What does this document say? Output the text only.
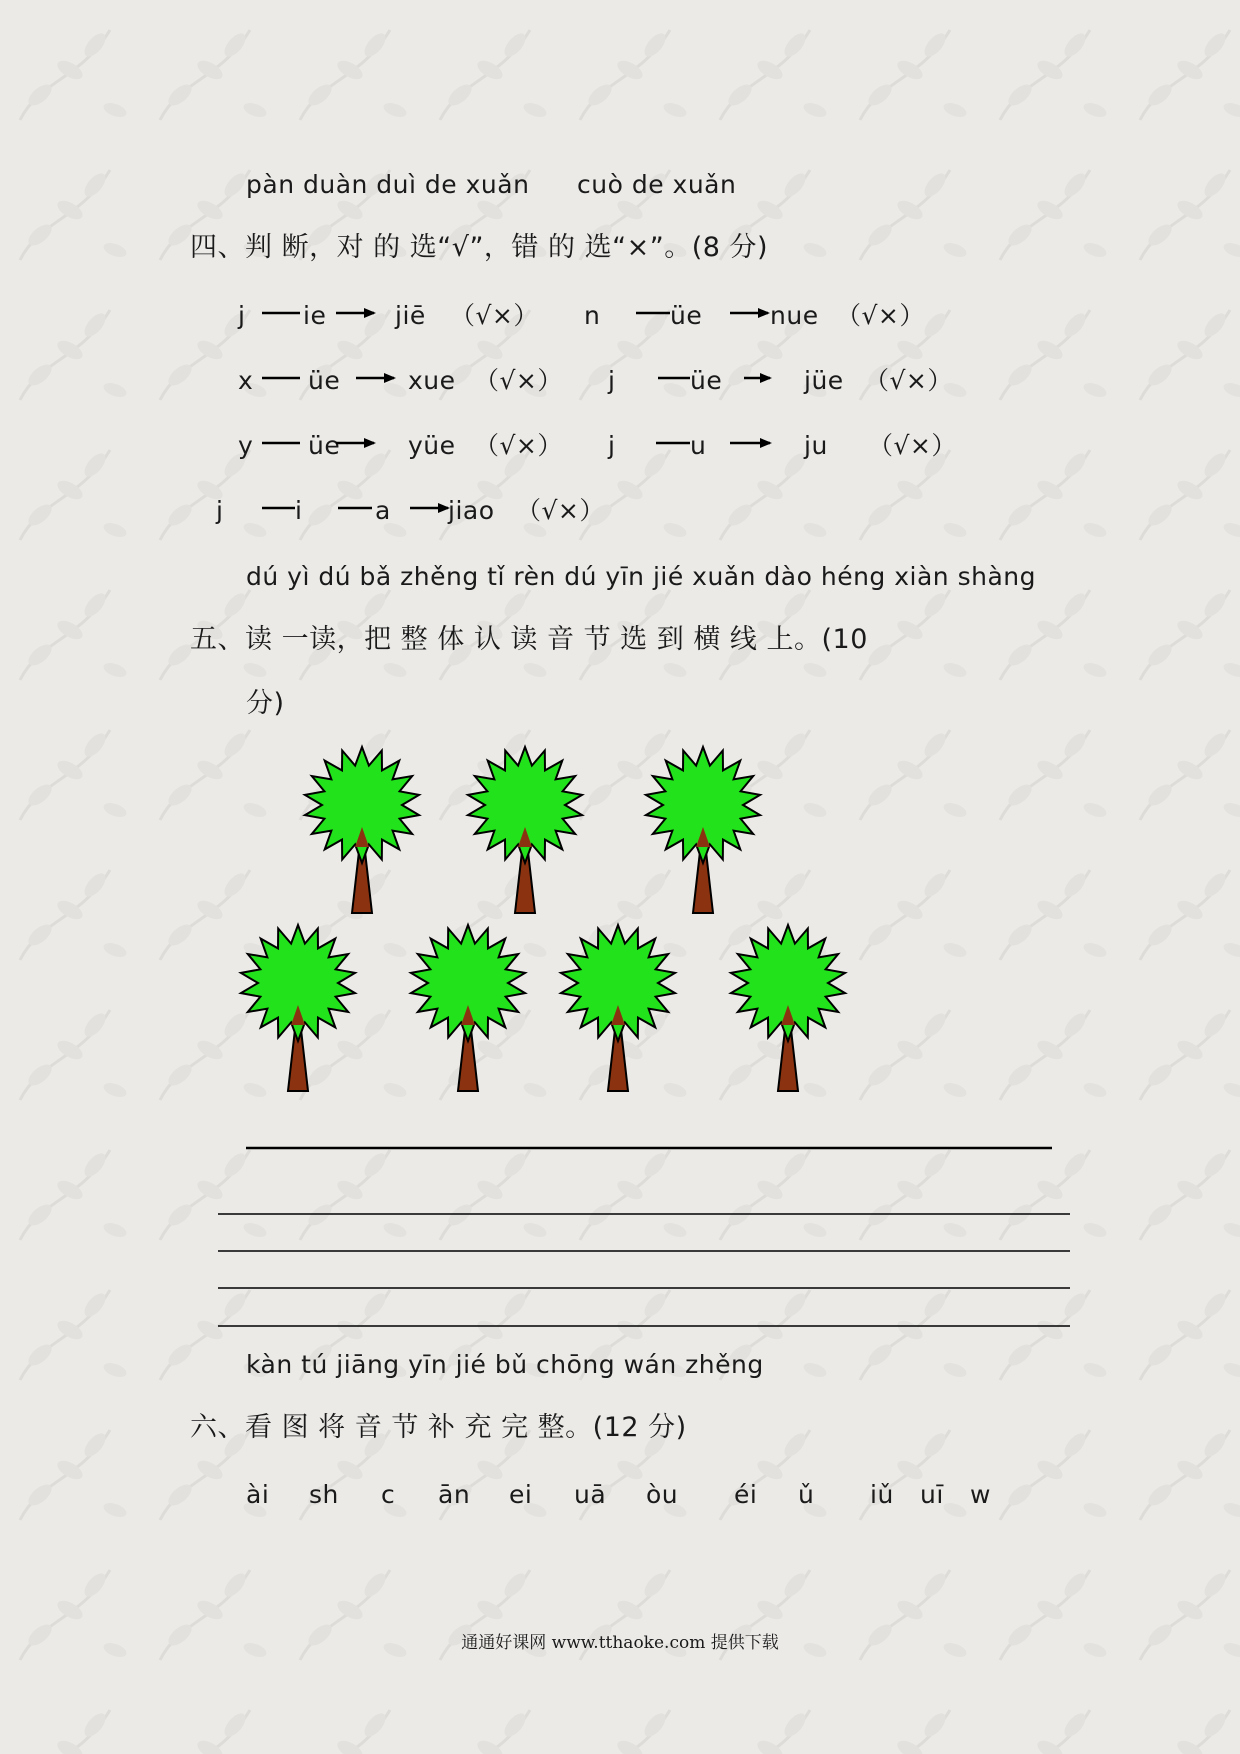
pàn duàn duì de xuǎn cuò de xuǎn
四、判 断，对 的 选“√”，错 的 选“×”。(8 分)
j ie	jiē （√×） n	üe	nue （√×）
x üe	xue （√×） j	üe	jüe （√×）
y üe	yüe （√×） j	u	ju （√×）
j	i	a jiao （√×）
dú yì dú bǎ zhěng tǐ rèn dú yīn jié xuǎn dào héng xiàn shàng
五、读 一读，把 整 体 认 读 音 节 选 到 横 线 上。(10
分)
kàn tú jiāng yīn jié bǔ chōng wán zhěng
六、看 图 将 音 节 补 充 完 整。(12 分)
ài sh c ān ei uā òu éi ǔ iǔ uī w
通通好课网 www.tthaoke.com 提供下载
